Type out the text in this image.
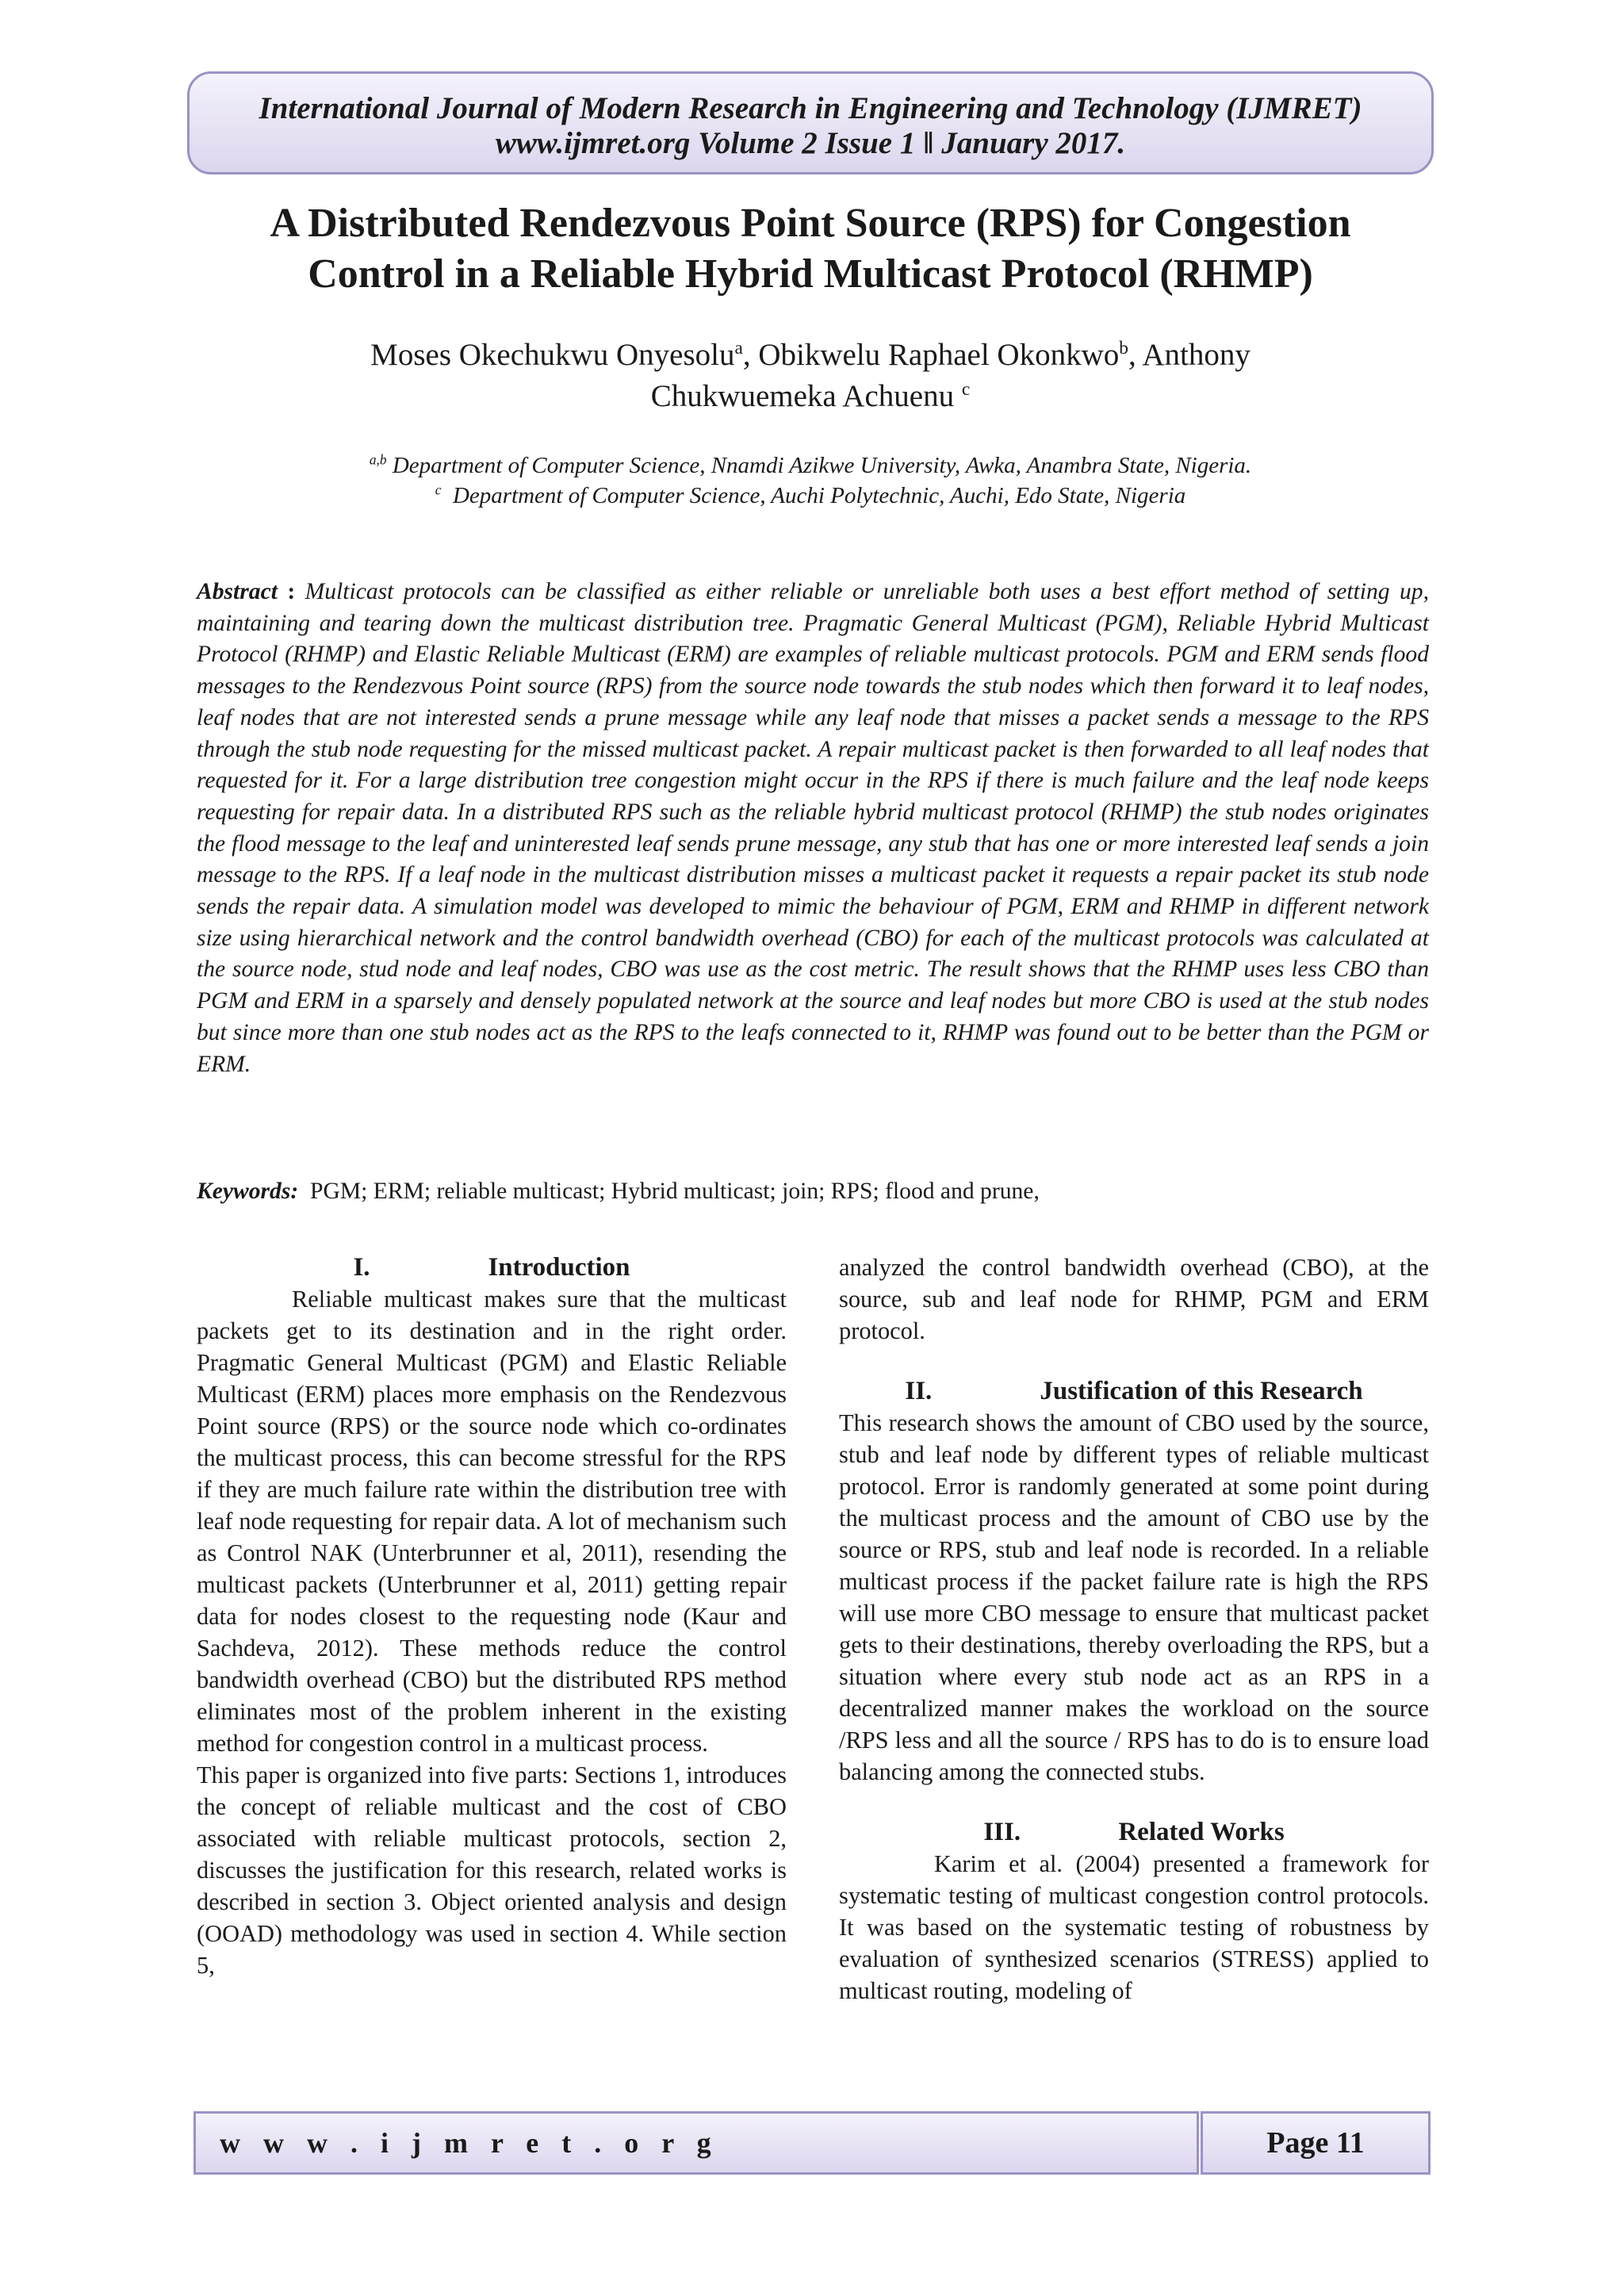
International Journal of Modern Research in Engineering and Technology (IJMRET)
www.ijmret.org Volume 2 Issue 1 ǁ January 2017.
A Distributed Rendezvous Point Source (RPS) for Congestion
Control in a Reliable Hybrid Multicast Protocol (RHMP)
Moses Okechukwu Onyesolu$^a$, Obikwelu Raphael Okonkwo$^b$, Anthony
Chukwuemeka Achuenu $^c$
$^{a,b}$ Department of Computer Science, Nnamdi Azikwe University, Awka, Anambra State, Nigeria.
$^c$ Department of Computer Science, Auchi Polytechnic, Auchi, Edo State, Nigeria
Abstract : Multicast protocols can be classified as either reliable or unreliable both uses a best effort method of setting up, maintaining and tearing down the multicast distribution tree. Pragmatic General Multicast (PGM), Reliable Hybrid Multicast Protocol (RHMP) and Elastic Reliable Multicast (ERM) are examples of reliable multicast protocols. PGM and ERM sends flood messages to the Rendezvous Point source (RPS) from the source node towards the stub nodes which then forward it to leaf nodes, leaf nodes that are not interested sends a prune message while any leaf node that misses a packet sends a message to the RPS through the stub node requesting for the missed multicast packet. A repair multicast packet is then forwarded to all leaf nodes that requested for it. For a large distribution tree congestion might occur in the RPS if there is much failure and the leaf node keeps requesting for repair data. In a distributed RPS such as the reliable hybrid multicast protocol (RHMP) the stub nodes originates the flood message to the leaf and uninterested leaf sends prune message, any stub that has one or more interested leaf sends a join message to the RPS. If a leaf node in the multicast distribution misses a multicast packet it requests a repair packet its stub node sends the repair data. A simulation model was developed to mimic the behaviour of PGM, ERM and RHMP in different network size using hierarchical network and the control bandwidth overhead (CBO) for each of the multicast protocols was calculated at the source node, stud node and leaf nodes, CBO was use as the cost metric. The result shows that the RHMP uses less CBO than PGM and ERM in a sparsely and densely populated network at the source and leaf nodes but more CBO is used at the stub nodes but since more than one stub nodes act as the RPS to the leafs connected to it, RHMP was found out to be better than the PGM or ERM.
Keywords: PGM; ERM; reliable multicast; Hybrid multicast; join; RPS; flood and prune,
I.	Introduction

Reliable multicast makes sure that the multicast packets get to its destination and in the right order. Pragmatic General Multicast (PGM) and Elastic Reliable Multicast (ERM) places more emphasis on the Rendezvous Point source (RPS) or the source node which co-ordinates the multicast process, this can become stressful for the RPS if they are much failure rate within the distribution tree with leaf node requesting for repair data. A lot of mechanism such as Control NAK (Unterbrunner et al, 2011), resending the multicast packets (Unterbrunner et al, 2011) getting repair data for nodes closest to the requesting node (Kaur and Sachdeva, 2012). These methods reduce the control bandwidth overhead (CBO) but the distributed RPS method eliminates most of the problem inherent in the existing method for congestion control in a multicast process.

This paper is organized into five parts: Sections 1, introduces the concept of reliable multicast and the cost of CBO associated with reliable multicast protocols, section 2, discusses the justification for this research, related works is described in section 3. Object oriented analysis and design (OOAD) methodology was used in section 4. While section 5,

analyzed the control bandwidth overhead (CBO), at the source, sub and leaf node for RHMP, PGM and ERM protocol.

II.	Justification of this Research

This research shows the amount of CBO used by the source, stub and leaf node by different types of reliable multicast protocol. Error is randomly generated at some point during the multicast process and the amount of CBO use by the source or RPS, stub and leaf node is recorded. In a reliable multicast process if the packet failure rate is high the RPS will use more CBO message to ensure that multicast packet gets to their destinations, thereby overloading the RPS, but a situation where every stub node act as an RPS in a decentralized manner makes the workload on the source /RPS less and all the source / RPS has to do is to ensure load balancing among the connected stubs.

III.	Related Works

Karim et al. (2004) presented a framework for systematic testing of multicast congestion control protocols. It was based on the systematic testing of robustness by evaluation of synthesized scenarios (STRESS) applied to multicast routing, modeling of

w w w . i j m r e t . o r g	Page 11
